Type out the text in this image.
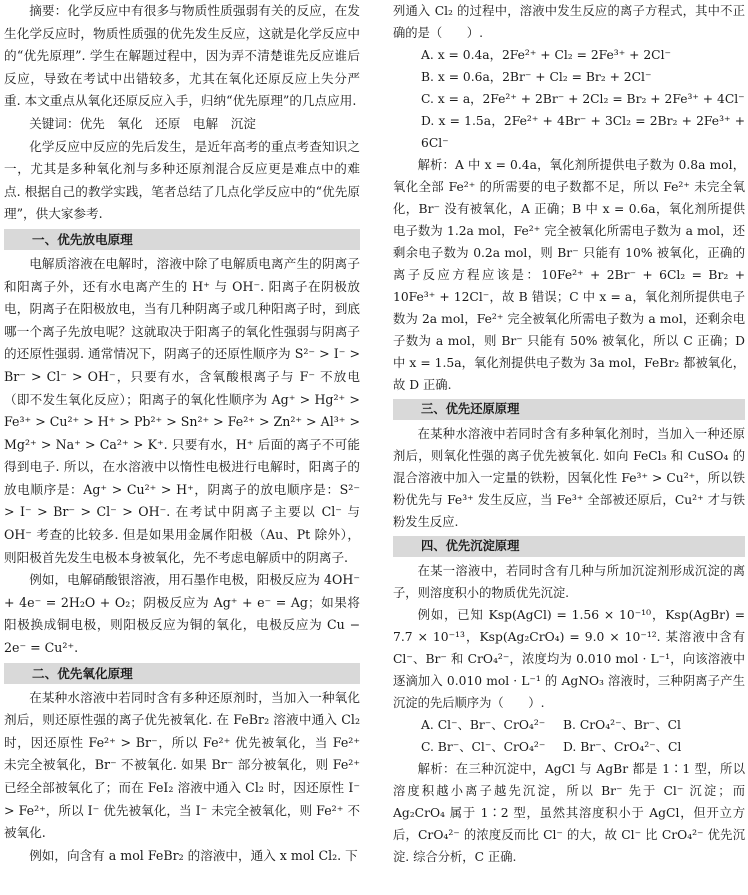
摘要：化学反应中有很多与物质性质强弱有关的反应，在发生化学反应时，物质性质强的优先发生反应，这就是化学反应中的“优先原理”. 学生在解题过程中，因为弄不清楚谁先反应谁后反应，导致在考试中出错较多，尤其在氧化还原反应上失分严重. 本文重点从氧化还原反应入手，归纳“优先原理”的几点应用.

关键词：优先　氧化　还原　电解　沉淀

化学反应中反应的先后发生，是近年高考的重点考查知识之一，尤其是多种氧化剂与多种还原剂混合反应更是难点中的难点. 根据自己的教学实践，笔者总结了几点化学反应中的“优先原理”，供大家参考.

一、优先放电原理

电解质溶液在电解时，溶液中除了电解质电离产生的阴离子和阳离子外，还有水电离产生的 H⁺ 与 OH⁻. 阳离子在阴极放电，阴离子在阳极放电，当有几种阴离子或几种阳离子时，到底哪一个离子先放电呢？这就取决于阳离子的氧化性强弱与阴离子的还原性强弱. 通常情况下，阴离子的还原性顺序为 S²⁻ > I⁻ > Br⁻ > Cl⁻ > OH⁻，只要有水，含氧酸根离子与 F⁻ 不放电（即不发生氧化反应）；阳离子的氧化性顺序为 Ag⁺ > Hg²⁺ > Fe³⁺ > Cu²⁺ > H⁺ > Pb²⁺ > Sn²⁺ > Fe²⁺ > Zn²⁺ > Al³⁺ > Mg²⁺ > Na⁺ > Ca²⁺ > K⁺. 只要有水，H⁺ 后面的离子不可能得到电子. 所以，在水溶液中以惰性电极进行电解时，阳离子的放电顺序是：Ag⁺ > Cu²⁺ > H⁺，阴离子的放电顺序是：S²⁻ > I⁻ > Br⁻ > Cl⁻ > OH⁻. 在考试中阴离子主要以 Cl⁻ 与 OH⁻ 考查的比较多. 但是如果用金属作阳极（Au、Pt 除外），则阳极首先发生电极本身被氧化，先不考虑电解质中的阴离子.

例如，电解硝酸银溶液，用石墨作电极，阳极反应为 4OH⁻ + 4e⁻ = 2H₂O + O₂；阴极反应为 Ag⁺ + e⁻ = Ag；如果将阳极换成铜电极，则阳极反应为铜的氧化，电极反应为 Cu − 2e⁻ = Cu²⁺.

二、优先氧化原理

在某种水溶液中若同时含有多种还原剂时，当加入一种氧化剂后，则还原性强的离子优先被氧化. 在 FeBr₂ 溶液中通入 Cl₂ 时，因还原性 Fe²⁺ > Br⁻，所以 Fe²⁺ 优先被氧化，当 Fe²⁺ 未完全被氧化，Br⁻ 不被氧化. 如果 Br⁻ 部分被氧化，则 Fe²⁺ 已经全部被氧化了；而在 FeI₂ 溶液中通入 Cl₂ 时，因还原性 I⁻ > Fe²⁺，所以 I⁻ 优先被氧化，当 I⁻ 未完全被氧化，则 Fe²⁺ 不被氧化.

例如，向含有 a mol FeBr₂ 的溶液中，通入 x mol Cl₂. 下

列通入 Cl₂ 的过程中，溶液中发生反应的离子方程式，其中不正确的是（　　）.

A. x = 0.4a，2Fe²⁺ + Cl₂ = 2Fe³⁺ + 2Cl⁻

B. x = 0.6a，2Br⁻ + Cl₂ = Br₂ + 2Cl⁻

C. x = a，2Fe²⁺ + 2Br⁻ + 2Cl₂ = Br₂ + 2Fe³⁺ + 4Cl⁻

D. x = 1.5a，2Fe²⁺ + 4Br⁻ + 3Cl₂ = 2Br₂ + 2Fe³⁺ + 6Cl⁻

解析：A 中 x = 0.4a，氧化剂所提供电子数为 0.8a mol，氧化全部 Fe²⁺ 的所需要的电子数都不足，所以 Fe²⁺ 未完全氧化，Br⁻ 没有被氧化，A 正确；B 中 x = 0.6a，氧化剂所提供电子数为 1.2a mol，Fe²⁺ 完全被氧化所需电子数为 a mol，还剩余电子数为 0.2a mol，则 Br⁻ 只能有 10% 被氧化，正确的离子反应方程应该是：10Fe²⁺ + 2Br⁻ + 6Cl₂ = Br₂ + 10Fe³⁺ + 12Cl⁻，故 B 错误；C 中 x = a，氧化剂所提供电子数为 2a mol，Fe²⁺ 完全被氧化所需电子数为 a mol，还剩余电子数为 a mol，则 Br⁻ 只能有 50% 被氧化，所以 C 正确；D 中 x = 1.5a，氧化剂提供电子数为 3a mol，FeBr₂ 都被氧化，故 D 正确.

三、优先还原原理

在某种水溶液中若同时含有多种氧化剂时，当加入一种还原剂后，则氧化性强的离子优先被氧化. 如向 FeCl₃ 和 CuSO₄ 的混合溶液中加入一定量的铁粉，因氧化性 Fe³⁺ > Cu²⁺，所以铁粉优先与 Fe³⁺ 发生反应，当 Fe³⁺ 全部被还原后，Cu²⁺ 才与铁粉发生反应.

四、优先沉淀原理

在某一溶液中，若同时含有几种与所加沉淀剂形成沉淀的离子，则溶度积小的物质优先沉淀.

例如，已知 Ksp(AgCl) = 1.56 × 10⁻¹⁰，Ksp(AgBr) = 7.7 × 10⁻¹³，Ksp(Ag₂CrO₄) = 9.0 × 10⁻¹². 某溶液中含有 Cl⁻、Br⁻ 和 CrO₄²⁻，浓度均为 0.010 mol · L⁻¹，向该溶液中逐滴加入 0.010 mol · L⁻¹ 的 AgNO₃ 溶液时，三种阴离子产生沉淀的先后顺序为（　　）.

A. Cl⁻、Br⁻、CrO₄²⁻	B. CrO₄²⁻、Br⁻、Cl

C. Br⁻、Cl⁻、CrO₄²⁻	D. Br⁻、CrO₄²⁻、Cl

解析：在三种沉淀中，AgCl 与 AgBr 都是 1∶1 型，所以溶度积越小离子越先沉淀，所以 Br⁻ 先于 Cl⁻ 沉淀；而 Ag₂CrO₄ 属于 1∶2 型，虽然其溶度积小于 AgCl，但开立方后，CrO₄²⁻ 的浓度反而比 Cl⁻ 的大，故 Cl⁻ 比 CrO₄²⁻ 优先沉淀. 综合分析，C 正确.
